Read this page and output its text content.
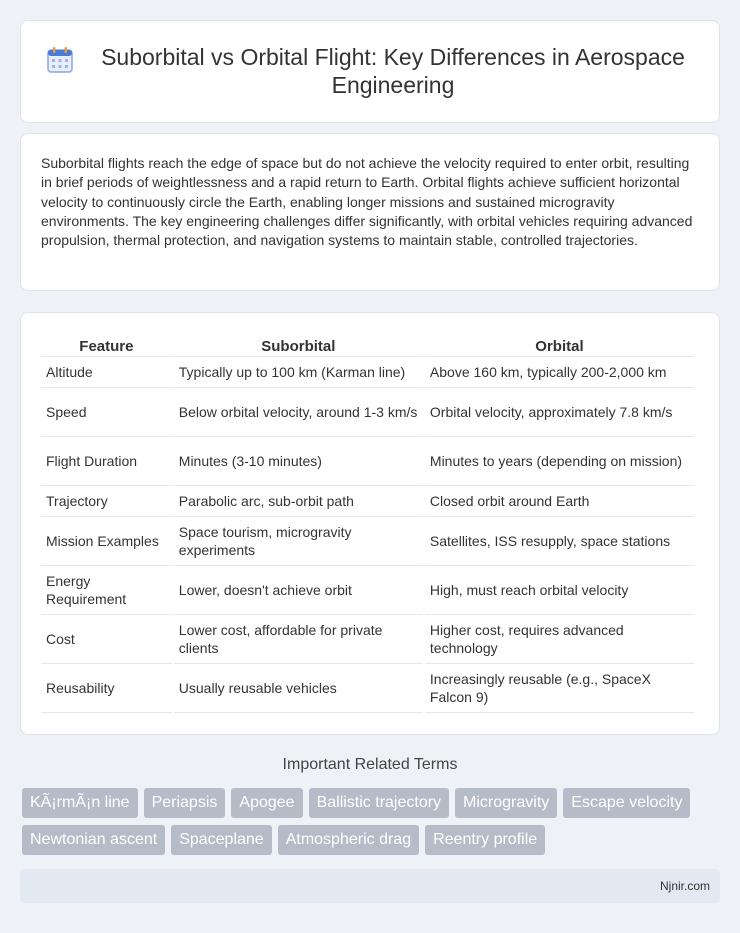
Suborbital vs Orbital Flight: Key Differences in Aerospace Engineering

Suborbital flights reach the edge of space but do not achieve the velocity required to enter orbit, resulting in brief periods of weightlessness and a rapid return to Earth. Orbital flights achieve sufficient horizontal velocity to continuously circle the Earth, enabling longer missions and sustained microgravity environments. The key engineering challenges differ significantly, with orbital vehicles requiring advanced propulsion, thermal protection, and navigation systems to maintain stable, controlled trajectories.

Feature	Suborbital	Orbital
Altitude	Typically up to 100 km (Karman line)	Above 160 km, typically 200-2,000 km
Speed	Below orbital velocity, around 1-3 km/s	Orbital velocity, approximately 7.8 km/s
Flight Duration	Minutes (3-10 minutes)	Minutes to years (depending on mission)
Trajectory	Parabolic arc, sub-orbit path	Closed orbit around Earth
Mission Examples	Space tourism, microgravity experiments	Satellites, ISS resupply, space stations
Energy Requirement	Lower, doesn't achieve orbit	High, must reach orbital velocity
Cost	Lower cost, affordable for private clients	Higher cost, requires advanced technology
Reusability	Usually reusable vehicles	Increasingly reusable (e.g., SpaceX Falcon 9)
Important Related Terms
KÃ¡rmÃ¡n line	Periapsis	Apogee	Ballistic trajectory	Microgravity	Escape velocity
Newtonian ascent	Spaceplane	Atmospheric drag	Reentry profile
Njnir.com
